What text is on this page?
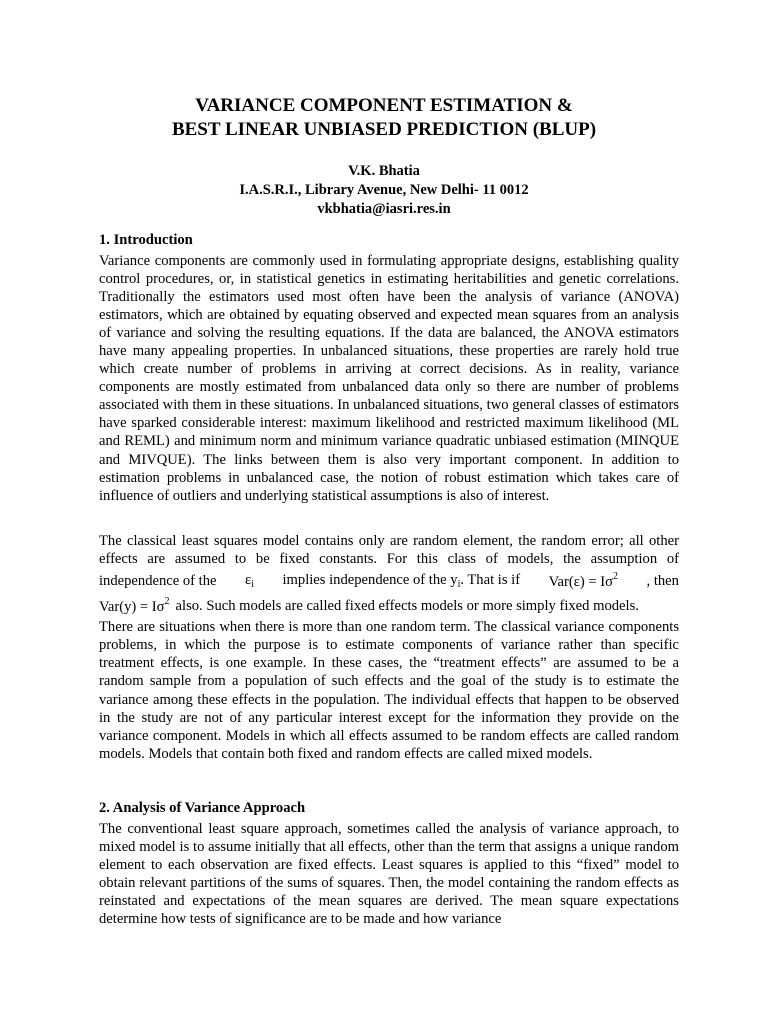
VARIANCE COMPONENT ESTIMATION &
BEST LINEAR UNBIASED PREDICTION (BLUP)
V.K. Bhatia
I.A.S.R.I., Library Avenue, New Delhi- 11 0012
vkbhatia@iasri.res.in
1. Introduction

Variance components are commonly used in formulating appropriate designs, establishing quality control procedures, or, in statistical genetics in estimating heritabilities and genetic correlations. Traditionally the estimators used most often have been the analysis of variance (ANOVA) estimators, which are obtained by equating observed and expected mean squares from an analysis of variance and solving the resulting equations. If the data are balanced, the ANOVA estimators have many appealing properties. In unbalanced situations, these properties are rarely hold true which create number of problems in arriving at correct decisions. As in reality, variance components are mostly estimated from unbalanced data only so there are number of problems associated with them in these situations. In unbalanced situations, two general classes of estimators have sparked considerable interest: maximum likelihood and restricted maximum likelihood (ML and REML) and minimum norm and minimum variance quadratic unbiased estimation (MINQUE and MIVQUE). The links between them is also very important component. In addition to estimation problems in unbalanced case, the notion of robust estimation which takes care of influence of outliers and underlying statistical assumptions is also of interest.

The classical least squares model contains only are random element, the random error; all other

effects are assumed to be fixed constants. For this class of models, the assumption of

independence of the $\varepsilon_i$ implies independence of the $y_i$. That is if $Var(\varepsilon) = I\sigma^2$ , then
$Var(y) = I\sigma^2$ also. Such models are called fixed effects models or more simply fixed models.

There are situations when there is more than one random term. The classical variance components problems, in which the purpose is to estimate components of variance rather than specific treatment effects, is one example. In these cases, the “treatment effects” are assumed to be a random sample from a population of such effects and the goal of the study is to estimate the variance among these effects in the population. The individual effects that happen to be observed in the study are not of any particular interest except for the information they provide on the variance component. Models in which all effects assumed to be random effects are called random models. Models that contain both fixed and random effects are called mixed models.

2. Analysis of Variance Approach

The conventional least square approach, sometimes called the analysis of variance approach, to mixed model is to assume initially that all effects, other than the term that assigns a unique random element to each observation are fixed effects. Least squares is applied to this “fixed” model to obtain relevant partitions of the sums of squares. Then, the model containing the random effects as reinstated and expectations of the mean squares are derived. The mean square expectations determine how tests of significance are to be made and how variance
